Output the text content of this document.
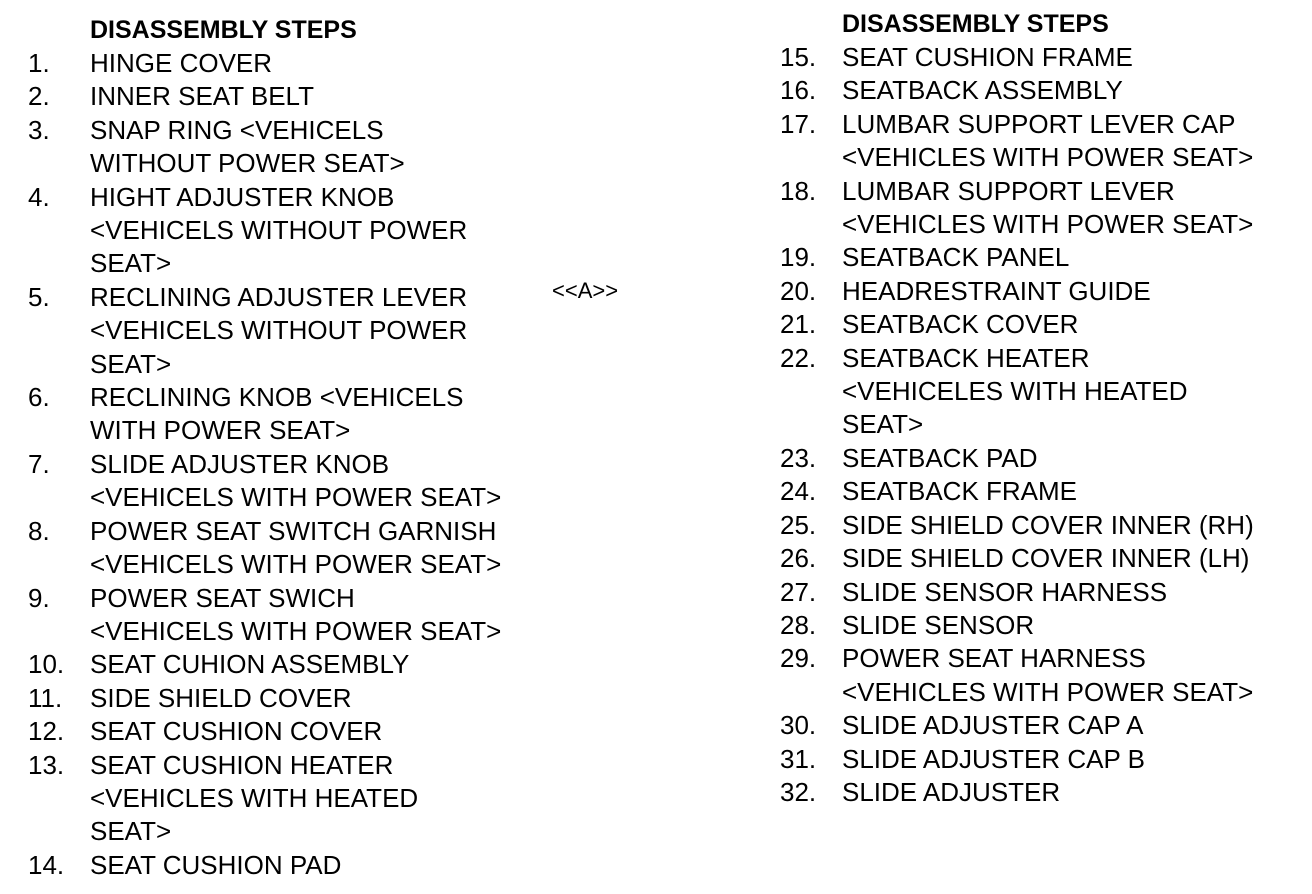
DISASSEMBLY STEPS
1.	HINGE COVER
2.	INNER SEAT BELT
3.	SNAP RING <VEHICELS
WITHOUT POWER SEAT>
4.	HIGHT ADJUSTER KNOB
<VEHICELS WITHOUT POWER
SEAT>
5.	RECLINING ADJUSTER LEVER
<VEHICELS WITHOUT POWER
SEAT>
6.	RECLINING KNOB <VEHICELS
WITH POWER SEAT>
7.	SLIDE ADJUSTER KNOB
<VEHICELS WITH POWER SEAT>
8.	POWER SEAT SWITCH GARNISH
<VEHICELS WITH POWER SEAT>
9.	POWER SEAT SWICH
<VEHICELS WITH POWER SEAT>
10. SEAT CUHION ASSEMBLY
11.	SIDE SHIELD COVER
12. SEAT CUSHION COVER
13. SEAT CUSHION HEATER
<VEHICLES WITH HEATED
SEAT>
14. SEAT CUSHION PAD
<<A>>
DISASSEMBLY STEPS
15. SEAT CUSHION FRAME
16. SEATBACK ASSEMBLY
17. LUMBAR SUPPORT LEVER CAP
<VEHICLES WITH POWER SEAT>
18. LUMBAR SUPPORT LEVER
<VEHICLES WITH POWER SEAT>
19. SEATBACK PANEL
20. HEADRESTRAINT GUIDE
21. SEATBACK COVER
22. SEATBACK HEATER
<VEHICELES WITH HEATED
SEAT>
23. SEATBACK PAD
24. SEATBACK FRAME
25. SIDE SHIELD COVER INNER (RH)
26. SIDE SHIELD COVER INNER (LH)
27. SLIDE SENSOR HARNESS
28. SLIDE SENSOR
29. POWER SEAT HARNESS
<VEHICLES WITH POWER SEAT>
30. SLIDE ADJUSTER CAP A
31. SLIDE ADJUSTER CAP B
32. SLIDE ADJUSTER
